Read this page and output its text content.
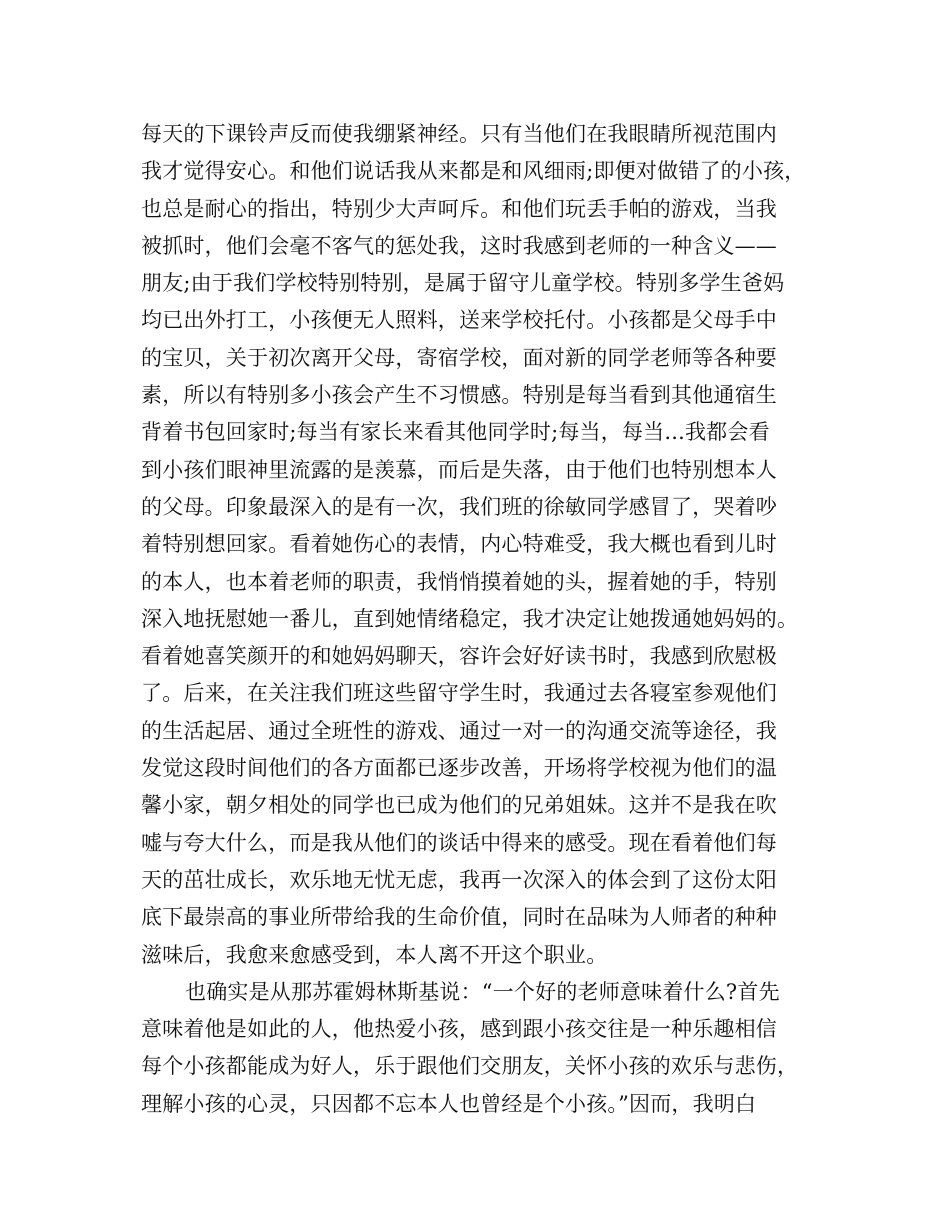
每天的下课铃声反而使我绷紧神经。只有当他们在我眼睛所视范围内
我才觉得安心。和他们说话我从来都是和风细雨;即便对做错了的小孩，
也总是耐心的指出，特别少大声呵斥。和他们玩丢手帕的游戏，当我
被抓时，他们会毫不客气的惩处我，这时我感到老师的一种含义——
朋友;由于我们学校特别特别，是属于留守儿童学校。特别多学生爸妈
均已出外打工，小孩便无人照料，送来学校托付。小孩都是父母手中
的宝贝，关于初次离开父母，寄宿学校，面对新的同学老师等各种要
素，所以有特别多小孩会产生不习惯感。特别是每当看到其他通宿生
背着书包回家时;每当有家长来看其他同学时;每当，每当...我都会看
到小孩们眼神里流露的是羡慕，而后是失落，由于他们也特别想本人
的父母。印象最深入的是有一次，我们班的徐敏同学感冒了，哭着吵
着特别想回家。看着她伤心的表情，内心特难受，我大概也看到儿时
的本人，也本着老师的职责，我悄悄摸着她的头，握着她的手，特别
深入地抚慰她一番儿，直到她情绪稳定，我才决定让她拨通她妈妈的。
看着她喜笑颜开的和她妈妈聊天，容许会好好读书时，我感到欣慰极
了。后来，在关注我们班这些留守学生时，我通过去各寝室参观他们
的生活起居、通过全班性的游戏、通过一对一的沟通交流等途径，我
发觉这段时间他们的各方面都已逐步改善，开场将学校视为他们的温
馨小家，朝夕相处的同学也已成为他们的兄弟姐妹。这并不是我在吹
嘘与夸大什么，而是我从他们的谈话中得来的感受。现在看着他们每
天的茁壮成长，欢乐地无忧无虑，我再一次深入的体会到了这份太阳
底下最崇高的事业所带给我的生命价值，同时在品味为人师者的种种
滋味后，我愈来愈感受到，本人离不开这个职业。
也确实是从那苏霍姆林斯基说：“一个好的老师意味着什么?首先
意味着他是如此的人，他热爱小孩，感到跟小孩交往是一种乐趣相信
每个小孩都能成为好人，乐于跟他们交朋友，关怀小孩的欢乐与悲伤，
理解小孩的心灵，只因都不忘本人也曾经是个小孩。”因而，我明白
